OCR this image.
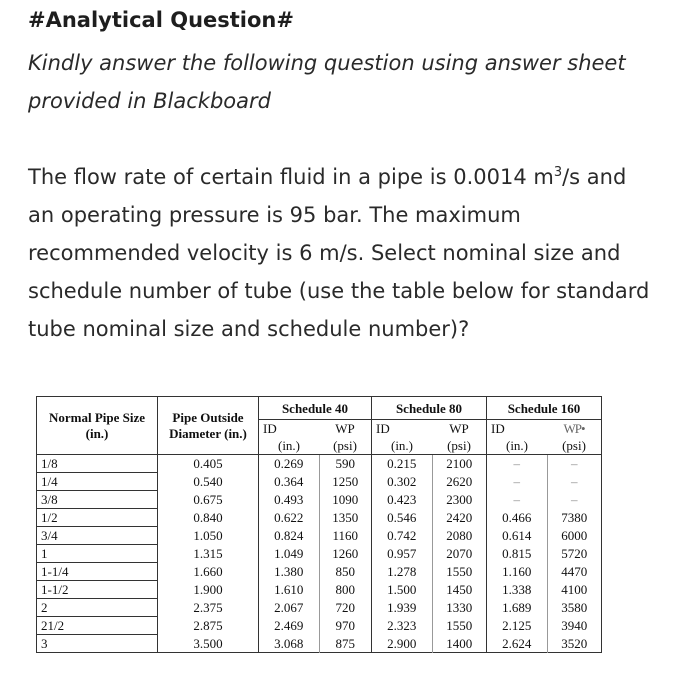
#Analytical Question#
Kindly answer the following question using answer sheet provided in Blackboard
The flow rate of certain fluid in a pipe is 0.0014 $m^3/s$ and an operating pressure is 95 bar. The maximum recommended velocity is 6 m/s. Select nominal size and schedule number of tube (use the table below for standard tube nominal size and schedule number)?
Normal Pipe Size (in.)	Pipe Outside Diameter (in.)	Schedule 40		Schedule 80		Schedule 160	
		ID	WP	ID	WP	ID	WP•
		(in.)	(psi)	(in.)	(psi)	(in.)	(psi)
1/8	0.405	0.269	590	0.215	2100	–	–
1/4	0.540	0.364	1250	0.302	2620	–	–
3/8	0.675	0.493	1090	0.423	2300	–	–
1/2	0.840	0.622	1350	0.546	2420	0.466	7380
3/4	1.050	0.824	1160	0.742	2080	0.614	6000
1	1.315	1.049	1260	0.957	2070	0.815	5720
1-1/4	1.660	1.380	850	1.278	1550	1.160	4470
1-1/2	1.900	1.610	800	1.500	1450	1.338	4100
2	2.375	2.067	720	1.939	1330	1.689	3580
21/2	2.875	2.469	970	2.323	1550	2.125	3940
3	3.500	3.068	875	2.900	1400	2.624	3520
